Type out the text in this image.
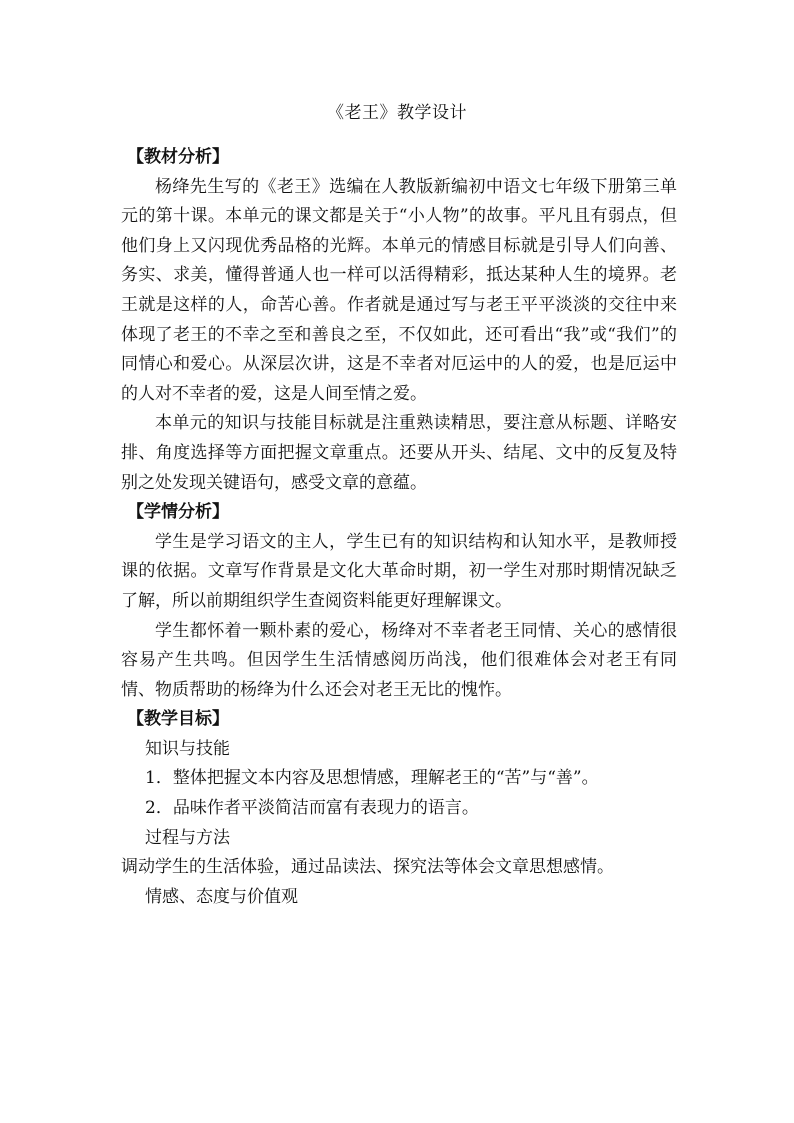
《老王》教学设计

【教材分析】

杨绛先生写的《老王》选编在人教版新编初中语文七年级下册第三单元的第十课。本单元的课文都是关于“小人物”的故事。平凡且有弱点，但他们身上又闪现优秀品格的光辉。本单元的情感目标就是引导人们向善、务实、求美，懂得普通人也一样可以活得精彩，抵达某种人生的境界。老王就是这样的人，命苦心善。作者就是通过写与老王平平淡淡的交往中来体现了老王的不幸之至和善良之至，不仅如此，还可看出“我”或“我们”的同情心和爱心。从深层次讲，这是不幸者对厄运中的人的爱，也是厄运中的人对不幸者的爱，这是人间至情之爱。

本单元的知识与技能目标就是注重熟读精思，要注意从标题、详略安排、角度选择等方面把握文章重点。还要从开头、结尾、文中的反复及特别之处发现关键语句，感受文章的意蕴。

【学情分析】

学生是学习语文的主人，学生已有的知识结构和认知水平，是教师授课的依据。文章写作背景是文化大革命时期，初一学生对那时期情况缺乏了解，所以前期组织学生查阅资料能更好理解课文。

学生都怀着一颗朴素的爱心，杨绛对不幸者老王同情、关心的感情很容易产生共鸣。但因学生生活情感阅历尚浅，他们很难体会对老王有同情、物质帮助的杨绛为什么还会对老王无比的愧怍。

【教学目标】

知识与技能

1．整体把握文本内容及思想情感，理解老王的“苦”与“善”。

2．品味作者平淡简洁而富有表现力的语言。

过程与方法

调动学生的生活体验，通过品读法、探究法等体会文章思想感情。

情感、态度与价值观
